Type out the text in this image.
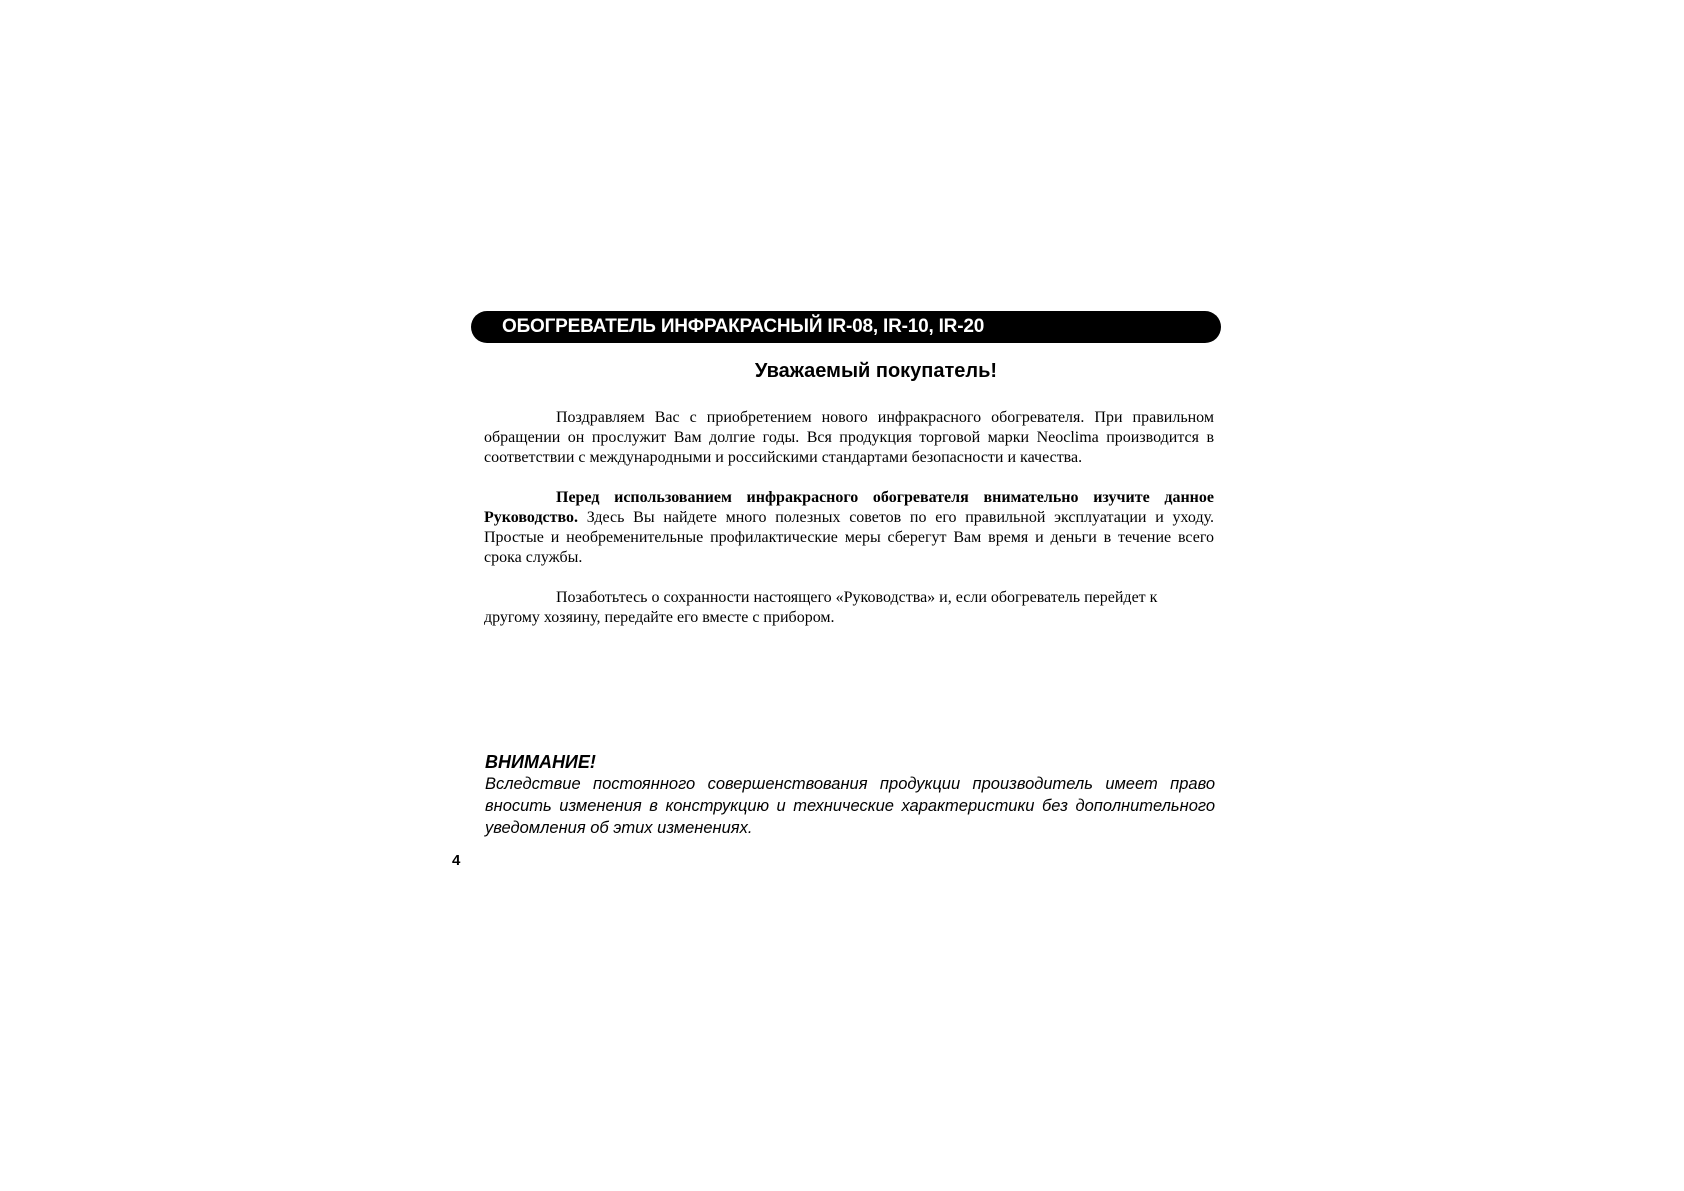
ОБОГРЕВАТЕЛЬ ИНФРАКРАСНЫЙ IR-08, IR-10, IR-20
Уважаемый покупатель!

Поздравляем Вас с приобретением нового инфракрасного обогревателя. При правильном обращении он прослужит Вам долгие годы. Вся продукция торговой марки Neoclima производится в соответствии с международными и российскими стандартами безопасности и качества.

Перед использованием инфракрасного обогревателя внимательно изучите данное Руководство. Здесь Вы найдете много полезных советов по его правильной эксплуатации и уходу. Простые и необременительные профилактические меры сберегут Вам время и деньги в течение всего срока службы.

Позаботьтесь о сохранности настоящего «Руководства» и, если обогреватель перейдет к другому хозяину, передайте его вместе с прибором.

ВНИМАНИЕ!
Вследствие постоянного совершенствования продукции производитель имеет право вносить изменения в конструкцию и технические характеристики без дополнительного уведомления об этих изменениях.
4
